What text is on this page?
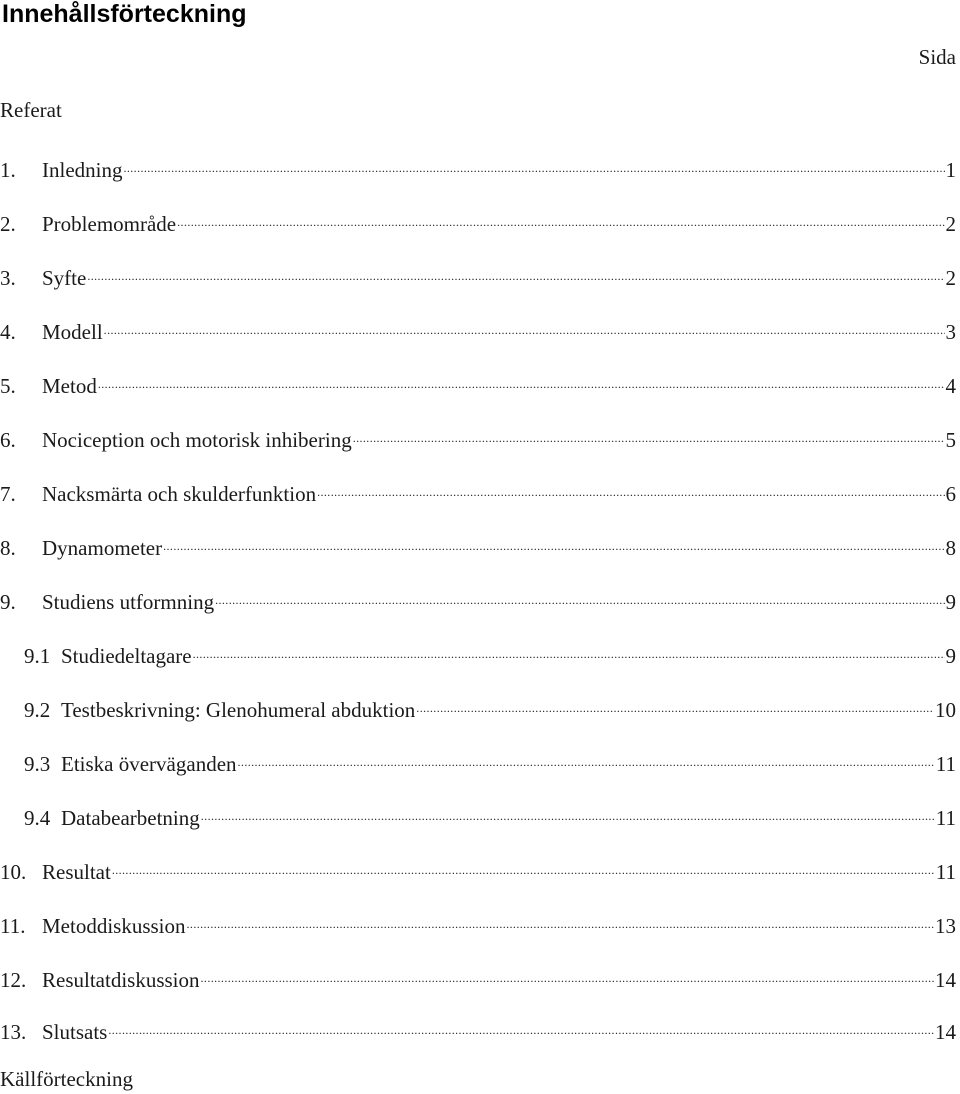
Innehållsförteckning
Sida
Referat
1.	Inledning .....	1
2.	Problemområde .....	2
3.	Syfte .....	2
4.	Modell .....	3
5.	Metod .....	4
6.	Nociception och motorisk inhibering .....	5
7.	Nacksmärta och skulderfunktion .....	6
8.	Dynamometer .....	8
9.	Studiens utformning .....	9
9.1 Studiedeltagare .....	9
9.2 Testbeskrivning: Glenohumeral abduktion .....	10
9.3 Etiska överväganden .....	11
9.4 Databearbetning .....	11
10. Resultat .....	11
11. Metoddiskussion .....	13
12. Resultatdiskussion .....	14
13. Slutsats .....	14
Källförteckning
